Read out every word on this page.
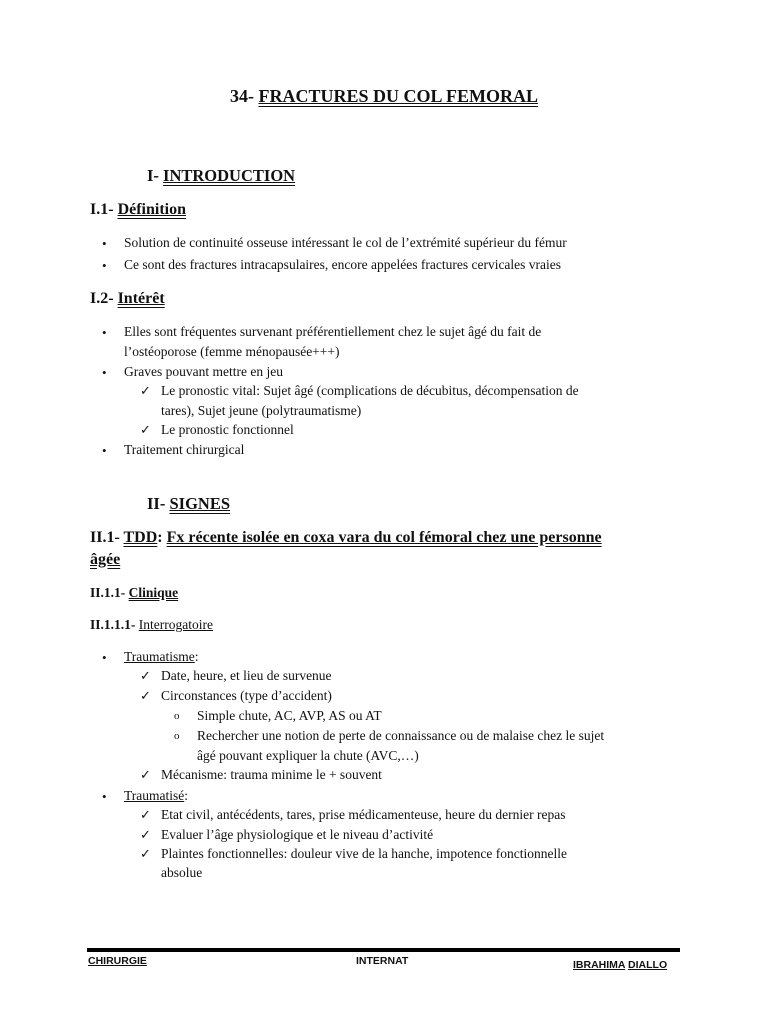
34- FRACTURES DU COL FEMORAL
I- INTRODUCTION
I.1- Définition
• Solution de continuité osseuse intéressant le col de l’extrémité supérieur du fémur
• Ce sont des fractures intracapsulaires, encore appelées fractures cervicales vraies
I.2- Intérêt
• Elles sont fréquentes survenant préférentiellement chez le sujet âgé du fait de
l’ostéoporose (femme ménopausée+++)
• Graves pouvant mettre en jeu
✓ Le pronostic vital: Sujet âgé (complications de décubitus, décompensation de
tares), Sujet jeune (polytraumatisme)
✓ Le pronostic fonctionnel
• Traitement chirurgical
II- SIGNES
II.1- TDD: Fx récente isolée en coxa vara du col fémoral chez une personne
âgée
II.1.1- Clinique
II.1.1.1- Interrogatoire
• Traumatisme:
✓ Date, heure, et lieu de survenue
✓ Circonstances (type d’accident)
o Simple chute, AC, AVP, AS ou AT
o Rechercher une notion de perte de connaissance ou de malaise chez le sujet
âgé pouvant expliquer la chute (AVC,…)
✓ Mécanisme: trauma minime le + souvent
• Traumatisé:
✓ Etat civil, antécédents, tares, prise médicamenteuse, heure du dernier repas
✓ Evaluer l’âge physiologique et le niveau d’activité
✓ Plaintes fonctionnelles: douleur vive de la hanche, impotence fonctionnelle
absolue
CHIRURGIE	INTERNAT	IBRAHIMA DIALLO
